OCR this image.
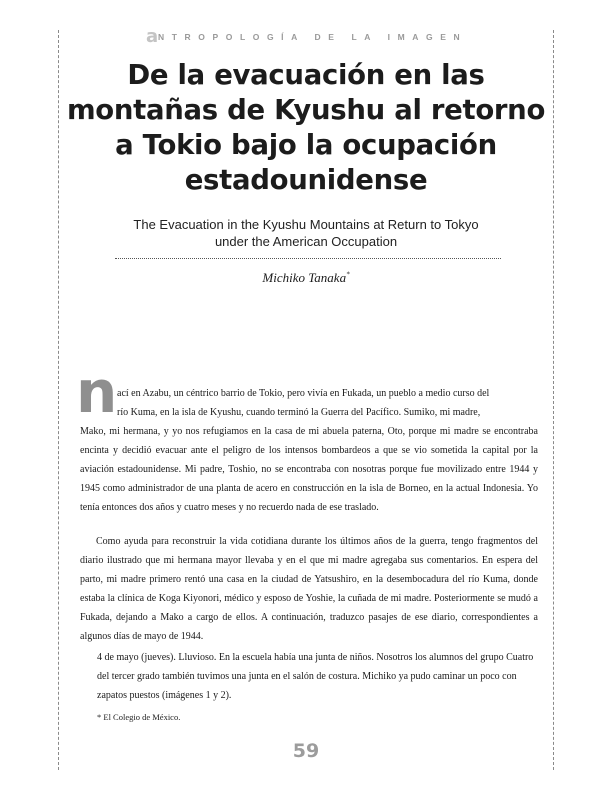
a NTROPOLOGÍA DE LA IMAGEN
De la evacuación en las montañas de Kyushu al retorno a Tokio bajo la ocupación estadounidense
The Evacuation in the Kyushu Mountains at Return to Tokyo
under the American Occupation
Michiko Tanaka*
n ací en Azabu, un céntrico barrio de Tokio, pero vivía en Fukada, un pueblo a medio curso del
río Kuma, en la isla de Kyushu, cuando terminó la Guerra del Pacífico. Sumiko, mi madre,
Mako, mi hermana, y yo nos refugiamos en la casa de mi abuela paterna, Oto, porque mi madre se encontraba encinta y decidió evacuar ante el peligro de los intensos bombardeos a que se vio sometida la capital por la aviación estadounidense. Mi padre, Toshio, no se encontraba con nosotras porque fue movilizado entre 1944 y 1945 como administrador de una planta de acero en construcción en la isla de Borneo, en la actual Indonesia. Yo tenía entonces dos años y cuatro meses y no recuerdo nada de ese traslado.

Como ayuda para reconstruir la vida cotidiana durante los últimos años de la guerra, tengo fragmentos del diario ilustrado que mi hermana mayor llevaba y en el que mi madre agregaba sus comentarios. En espera del parto, mi madre primero rentó una casa en la ciudad de Yatsushiro, en la desembocadura del río Kuma, donde estaba la clínica de Koga Kiyonori, médico y esposo de Yoshie, la cuñada de mi madre. Posteriormente se mudó a Fukada, dejando a Mako a cargo de ellos. A continuación, traduzco pasajes de ese diario, correspondientes a algunos días de mayo de 1944.

4 de mayo (jueves). Lluvioso. En la escuela había una junta de niños. Nosotros los alumnos del grupo Cuatro del tercer grado también tuvimos una junta en el salón de costura. Michiko ya pudo caminar un poco con zapatos puestos (imágenes 1 y 2).

* El Colegio de México.
59
